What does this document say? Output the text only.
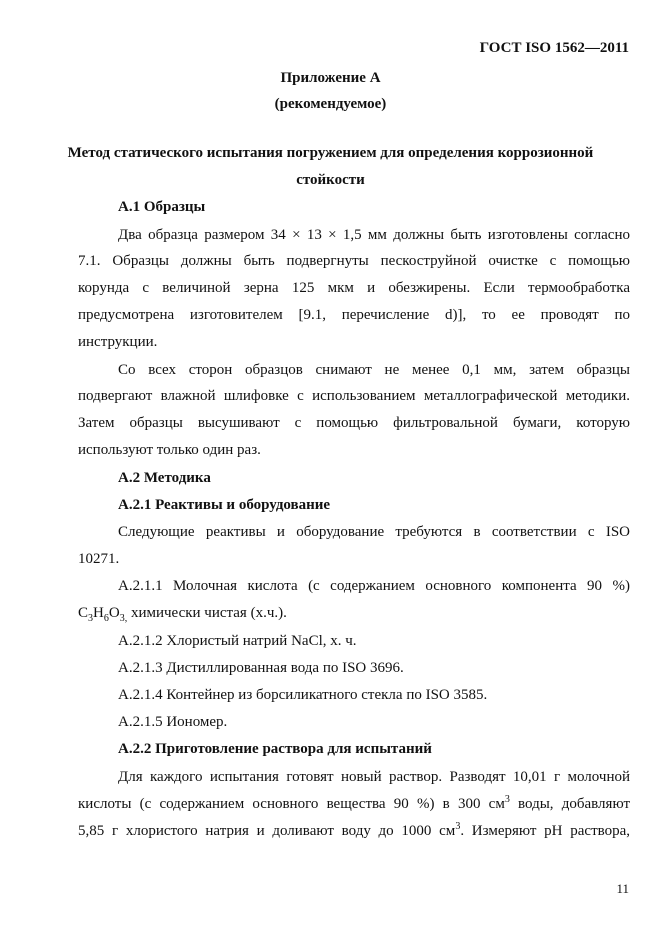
ГОСТ ISO 1562—2011
Приложение А
(рекомендуемое)
Метод статического испытания погружением для определения коррозионной
стойкости
А.1 Образцы
Два образца размером 34 × 13 × 1,5 мм должны быть изготовлены согласно
7.1. Образцы должны быть подвергнуты пескоструйной очистке с помощью
корунда с величиной зерна 125 мкм и обезжирены. Если термообработка
предусмотрена изготовителем [9.1, перечисление d)], то ее проводят по
инструкции.
Со всех сторон образцов снимают не менее 0,1 мм, затем образцы
подвергают влажной шлифовке с использованием металлографической методики.
Затем образцы высушивают с помощью фильтровальной бумаги, которую
используют только один раз.
А.2 Методика
А.2.1 Реактивы и оборудование
Следующие реактивы и оборудование требуются в соответствии с ISO
10271.
А.2.1.1 Молочная кислота (с содержанием основного компонента 90 %)
$C_3H_6O_{3,}$ химически чистая (х.ч.).
А.2.1.2 Хлористый натрий NaCl, х. ч.
А.2.1.3 Дистиллированная вода по ISO 3696.
А.2.1.4 Контейнер из борсиликатного стекла по ISO 3585.
А.2.1.5 Иономер.
А.2.2 Приготовление раствора для испытаний
Для каждого испытания готовят новый раствор. Разводят 10,01 г молочной
кислоты (с содержанием основного вещества 90 %) в 300 $см^3$ воды, добавляют
5,85 г хлористого натрия и доливают воду до 1000 $см^3$. Измеряют pH раствора,
11
